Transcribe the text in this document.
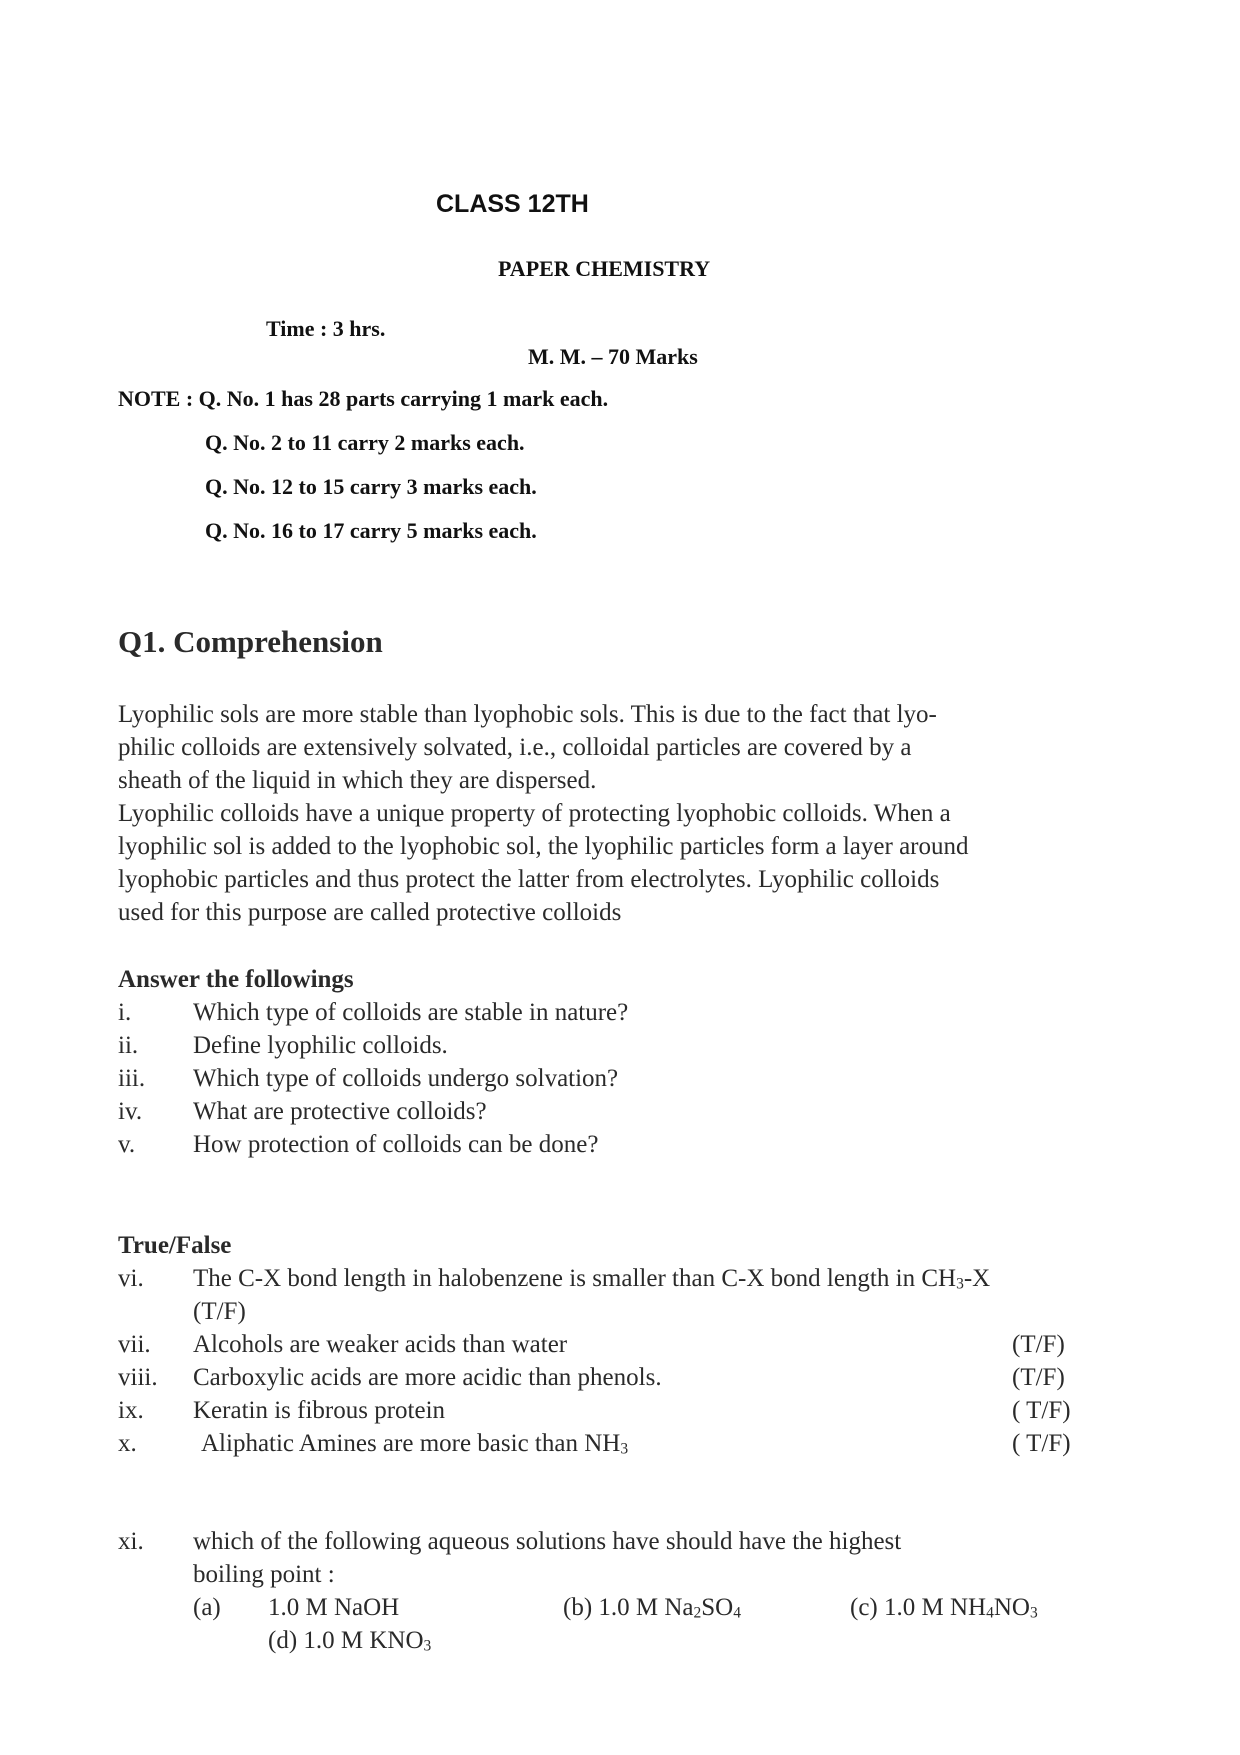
CLASS 12TH
PAPER CHEMISTRY
Time : 3 hrs.
M. M. – 70 Marks
NOTE : Q. No. 1 has 28 parts carrying 1 mark each.
Q. No. 2 to 11 carry 2 marks each.
Q. No. 12 to 15 carry 3 marks each.
Q. No. 16 to 17 carry 5 marks each.
Q1. Comprehension
Lyophilic sols are more stable than lyophobic sols. This is due to the fact that lyo-
philic colloids are extensively solvated, i.e., colloidal particles are covered by a
sheath of the liquid in which they are dispersed.
Lyophilic colloids have a unique property of protecting lyophobic colloids. When a
lyophilic sol is added to the lyophobic sol, the lyophilic particles form a layer around
lyophobic particles and thus protect the latter from electrolytes. Lyophilic colloids
used for this purpose are called protective colloids
Answer the followings
i. Which type of colloids are stable in nature?
ii. Define lyophilic colloids.
iii. Which type of colloids undergo solvation?
iv. What are protective colloids?
v. How protection of colloids can be done?
True/False
vi. The C-X bond length in halobenzene is smaller than C-X bond length in $CH_3-X$
(T/F)
vii. Alcohols are weaker acids than water	(T/F)
viii. Carboxylic acids are more acidic than phenols.	(T/F)
ix. Keratin is fibrous protein	( T/F)
x.	Aliphatic Amines are more basic than $NH_3$	( T/F)
xi. which of the following aqueous solutions have should have the highest
boiling point :
(a) 1.0 M NaOH	(b) 1.0 M $Na_2SO_4$	(c) 1.0 M $NH_4NO_3$
(d) 1.0 M $KNO_3$
